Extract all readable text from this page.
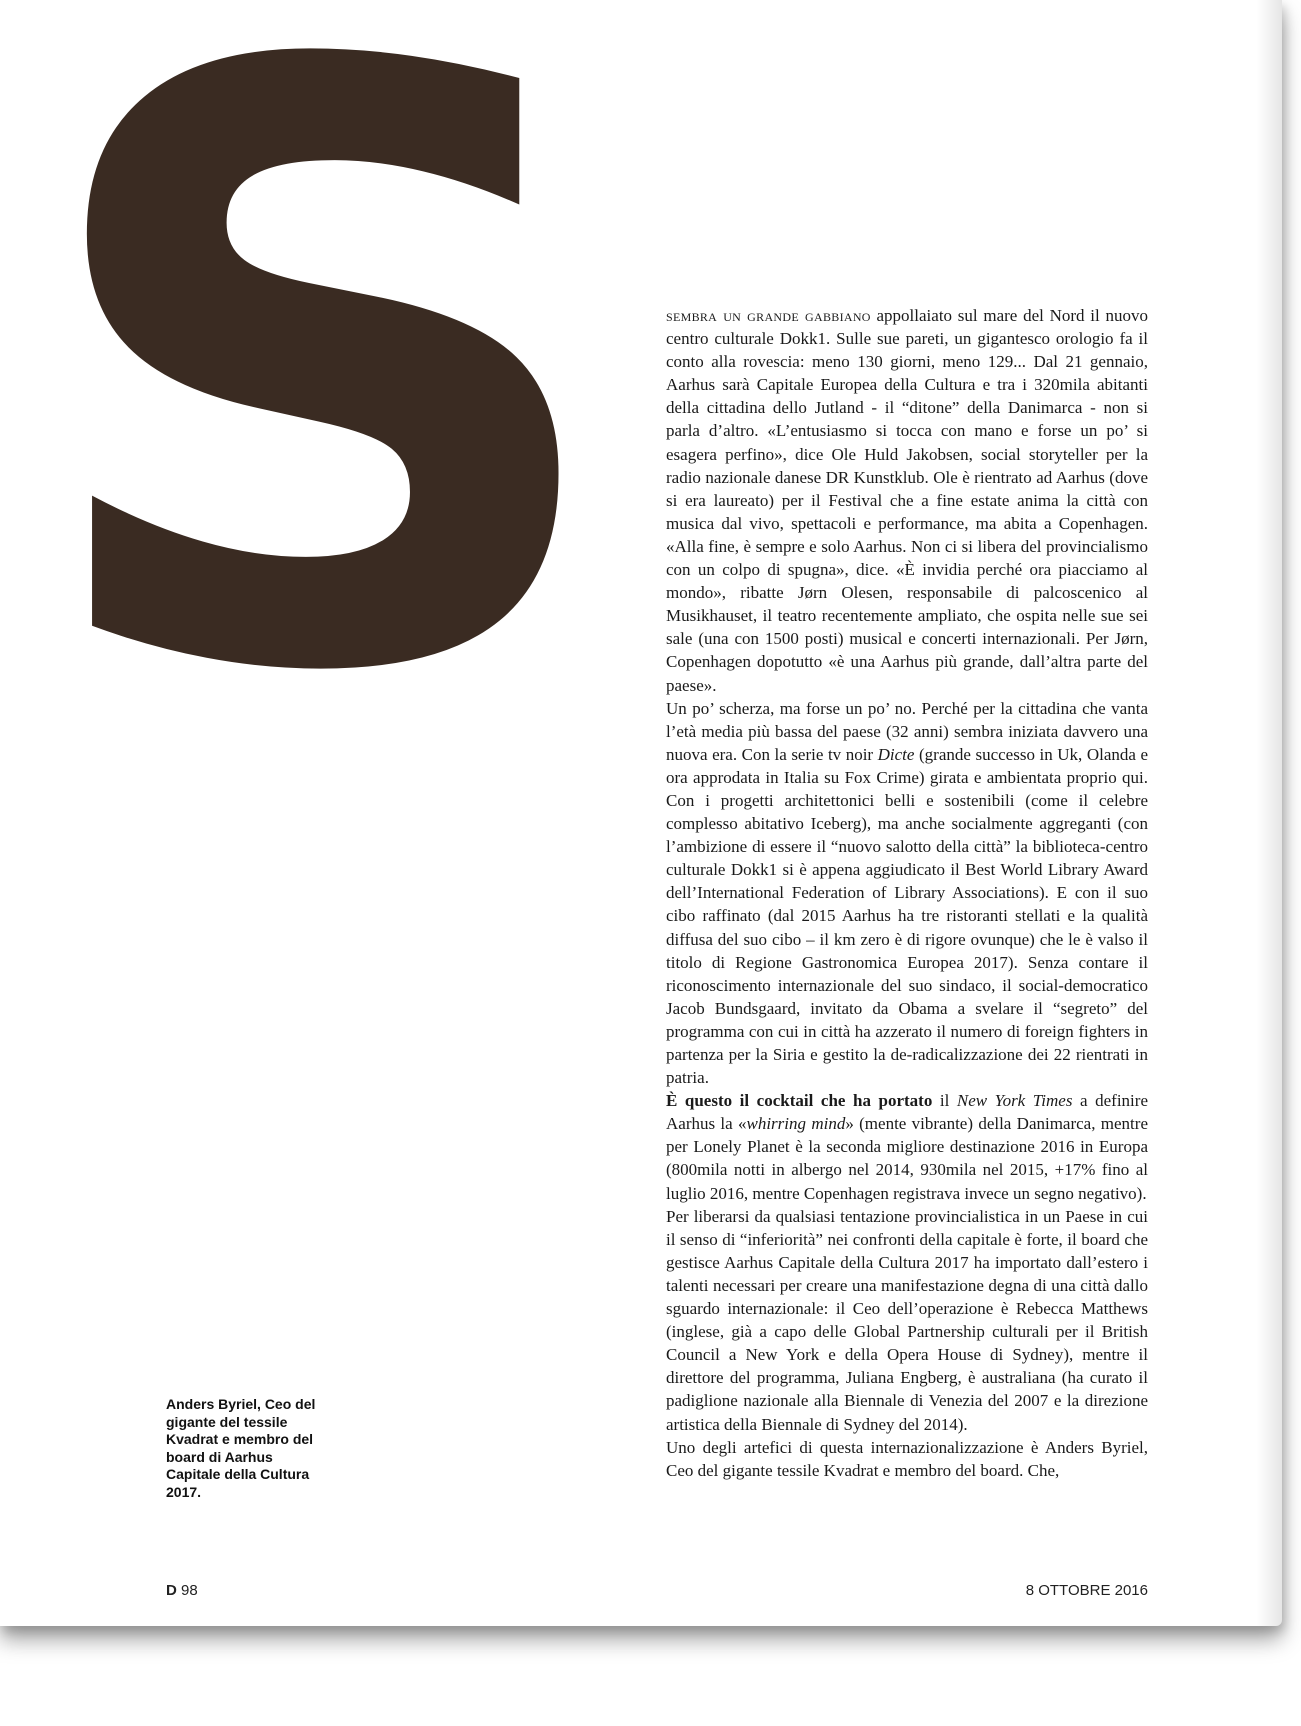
S	sembra un grande gabbiano appollaiato sul mare del Nord il nuovo centro culturale Dokk1. Sulle sue pareti, un gigantesco orologio fa il conto alla rovescia: meno 130 giorni, meno 129... Dal 21 gennaio, Aarhus sarà Capitale Europea della Cultura e tra i 320mila abitanti della cittadina dello Jutland - il “ditone” della Danimarca - non si parla d’altro. «L’entusiasmo si tocca con mano e forse un po’ si esagera perfino», dice Ole Huld Jakobsen, social storyteller per la radio nazionale danese DR Kunstklub. Ole è rientrato ad Aarhus (dove si era laureato) per il Festival che a fine estate anima la città con musica dal vivo, spettacoli e performance, ma abita a Copenhagen. «Alla fine, è sempre e solo Aarhus. Non ci si libera del provincialismo con un colpo di spugna», dice. «È invidia perché ora piacciamo al mondo», ribatte Jørn Olesen, responsabile di palcoscenico al Musikhauset, il teatro recentemente ampliato, che ospita nelle sue sei sale (una con 1500 posti) musical e concerti internazionali. Per Jørn, Copenhagen dopotutto «è una Aarhus più grande, dall’altra parte del paese».

Un po’ scherza, ma forse un po’ no. Perché per la cittadina che vanta l’età media più bassa del paese (32 anni) sembra iniziata davvero una nuova era. Con la serie tv noir Dicte (grande successo in Uk, Olanda e ora approdata in Italia su Fox Crime) girata e ambientata proprio qui. Con i progetti architettonici belli e sostenibili (come il celebre complesso abitativo Iceberg), ma anche socialmente aggreganti (con l’ambizione di essere il “nuovo salotto della città” la biblioteca-centro culturale Dokk1 si è appena aggiudicato il Best World Library Award dell’International Federation of Library Associations). E con il suo cibo raffinato (dal 2015 Aarhus ha tre ristoranti stellati e la qualità diffusa del suo cibo – il km zero è di rigore ovunque) che le è valso il titolo di Regione Gastronomica Europea 2017). Senza contare il riconoscimento internazionale del suo sindaco, il social-democratico Jacob Bundsgaard, invitato da Obama a svelare il “segreto” del programma con cui in città ha azzerato il numero di foreign fighters in partenza per la Siria e gestito la de-radicalizzazione dei 22 rientrati in patria.

È questo il cocktail che ha portato il New York Times a definire Aarhus la «whirring mind» (mente vibrante) della Danimarca, mentre per Lonely Planet è la seconda migliore destinazione 2016 in Europa (800mila notti in albergo nel 2014, 930mila nel 2015, +17% fino al luglio 2016, mentre Copenhagen registrava invece un segno negativo).

Per liberarsi da qualsiasi tentazione provincialistica in un Paese in cui il senso di “inferiorità” nei confronti della capitale è forte, il board che gestisce Aarhus Capitale della Cultura 2017 ha importato dall’estero i talenti necessari per creare una manifestazione degna di una città dallo sguardo internazionale: il Ceo dell’operazione è Rebecca Matthews (inglese, già a capo delle Global Partnership culturali per il British Council a New York e della Opera House di Sydney), mentre il direttore del programma, Juliana Engberg, è australiana (ha curato il padiglione nazionale alla Biennale di Venezia del 2007 e la direzione artistica della Biennale di Sydney del 2014).

Uno degli artefici di questa internazionalizzazione è Anders Byriel, Ceo del gigante tessile Kvadrat e membro del board. Che,

Anders Byriel, Ceo del gigante del tessile Kvadrat e membro del board di Aarhus Capitale della Cultura 2017.

D 98	8 OTTOBRE 2016
